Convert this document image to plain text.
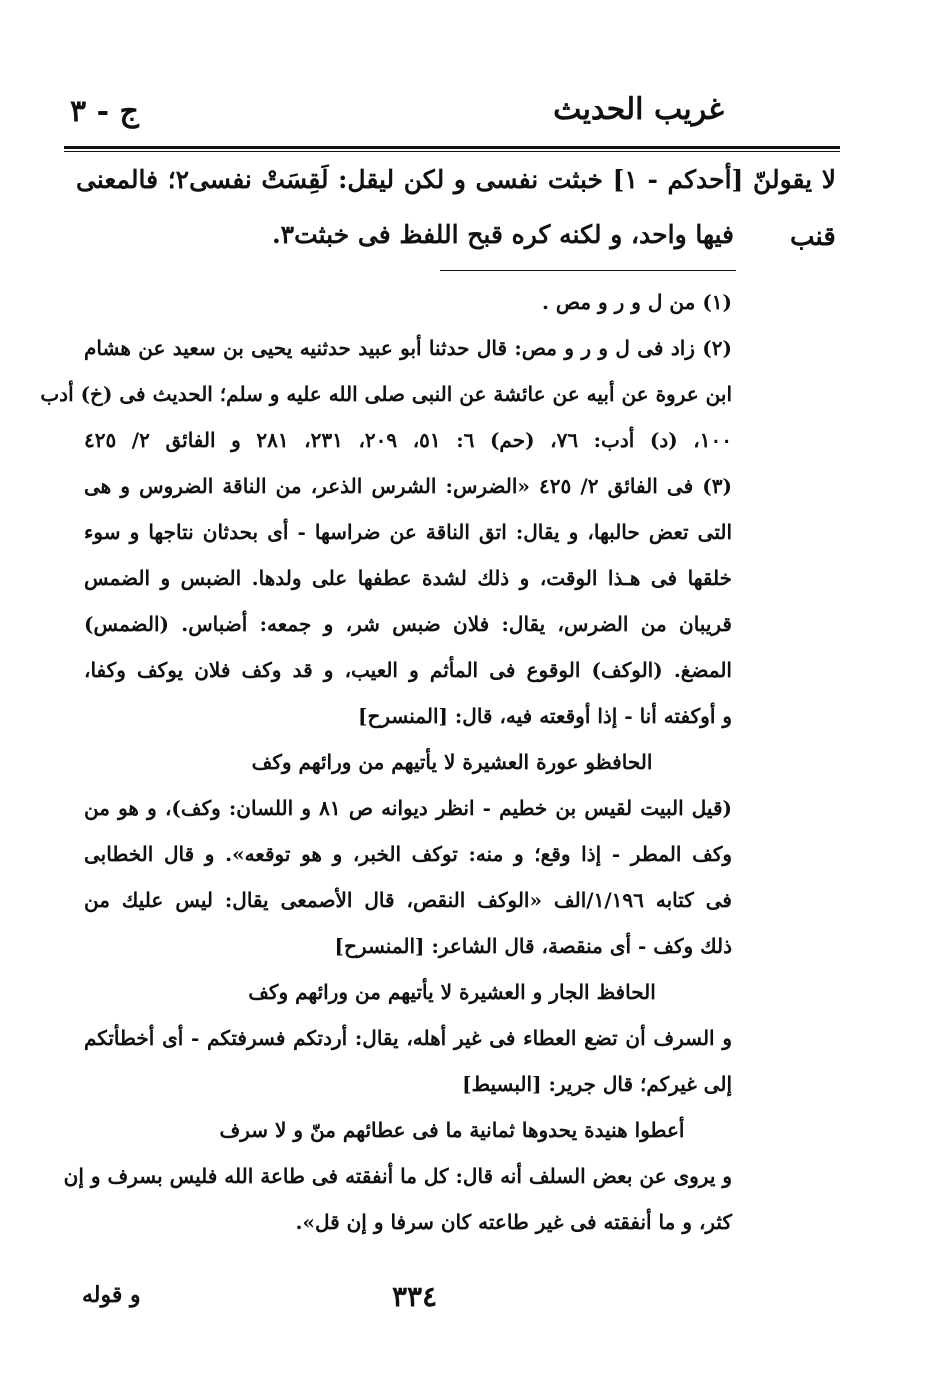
غريب الحديث
ج - ٣
لا يقولنّ [أحدكم - ١] خبثت نفسى و لكن ليقل: لَقِسَتْ نفسى٢؛ فالمعنى
فيها واحد، و لكنه كره قبح اللفظ فى خبثت٣. قنب
(١) من ل و ر و مص .
(٢) زاد فى ل و ر و مص: قال حدثنا أبو عبيد حدثنيه يحيى بن سعيد عن هشام
ابن عروة عن أبيه عن عائشة عن النبى صلى الله عليه و سلم؛ الحديث فى (خ) أدب
١٠٠، (د) أدب: ٧٦، (حم) ٦: ٥١، ٢٠٩، ٢٣١، ٢٨١ و الفائق ٢/ ٤٢٥
(٣) فى الفائق ٢/ ٤٢٥ «الضرس: الشرس الذعر، من الناقة الضروس و هى
التى تعض حالبها، و يقال: اتق الناقة عن ضراسها - أى بحدثان نتاجها و سوء
خلقها فى هـذا الوقت، و ذلك لشدة عطفها على ولدها. الضبس و الضمس
قريبان من الضرس، يقال: فلان ضبس شر، و جمعه: أضباس. (الضمس)
المضغ. (الوكف) الوقوع فى المأثم و العيب، و قد وكف فلان يوكف وكفا،
و أوكفته أنا - إذا أوقعته فيه، قال: [المنسرح]
الحافظو عورة العشيرة لا يأتيهم من ورائهم وكف
(قيل البيت لقيس بن خطيم - انظر ديوانه ص ٨١ و اللسان: وكف)، و هو من
وكف المطر - إذا وقع؛ و منه: توكف الخبر، و هو توقعه». و قال الخطابى
فى كتابه ١/١٩٦/الف «الوكف النقص، قال الأصمعى يقال: ليس عليك من
ذلك وكف - أى منقصة، قال الشاعر: [المنسرح]
الحافظ الجار و العشيرة لا يأتيهم من ورائهم وكف
و السرف أن تضع العطاء فى غير أهله، يقال: أردتكم فسرفتكم - أى أخطأتكم
إلى غيركم؛ قال جرير: [البسيط]
أعطوا هنيدة يحدوها ثمانية ما فى عطائهم منّ و لا سرف
و يروى عن بعض السلف أنه قال: كل ما أنفقته فى طاعة الله فليس بسرف و إن
كثر، و ما أنفقته فى غير طاعته كان سرفا و إن قل».
٣٣٤
و قوله
